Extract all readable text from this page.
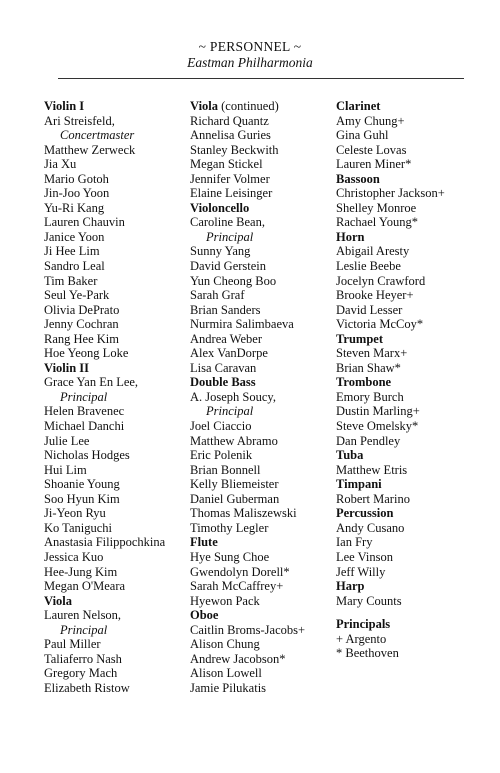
~ PERSONNEL ~
Eastman Philharmonia
Violin I
Ari Streisfeld,
Concertmaster
Matthew Zerweck
Jia Xu
Mario Gotoh
Jin-Joo Yoon
Yu-Ri Kang
Lauren Chauvin
Janice Yoon
Ji Hee Lim
Sandro Leal
Tim Baker
Seul Ye-Park
Olivia DePrato
Jenny Cochran
Rang Hee Kim
Hoe Yeong Loke
Violin II
Grace Yan En Lee,
Principal
Helen Bravenec
Michael Danchi
Julie Lee
Nicholas Hodges
Hui Lim
Shoanie Young
Soo Hyun Kim
Ji-Yeon Ryu
Ko Taniguchi
Anastasia Filippochkina
Jessica Kuo
Hee-Jung Kim
Megan O'Meara
Viola
Lauren Nelson,
Principal
Paul Miller
Taliaferro Nash
Gregory Mach
Elizabeth Ristow
Viola (continued)
Richard Quantz
Annelisa Guries
Stanley Beckwith
Megan Stickel
Jennifer Volmer
Elaine Leisinger
Violoncello
Caroline Bean,
Principal
Sunny Yang
David Gerstein
Yun Cheong Boo
Sarah Graf
Brian Sanders
Nurmira Salimbaeva
Andrea Weber
Alex VanDorpe
Lisa Caravan
Double Bass
A. Joseph Soucy,
Principal
Joel Ciaccio
Matthew Abramo
Eric Polenik
Brian Bonnell
Kelly Bliemeister
Daniel Guberman
Thomas Maliszewski
Timothy Legler
Flute
Hye Sung Choe
Gwendolyn Dorell*
Sarah McCaffrey+
Hyewon Pack
Oboe
Caitlin Broms-Jacobs+
Alison Chung
Andrew Jacobson*
Alison Lowell
Jamie Pilukatis
Clarinet
Amy Chung+
Gina Guhl
Celeste Lovas
Lauren Miner*
Bassoon
Christopher Jackson+
Shelley Monroe
Rachael Young*
Horn
Abigail Aresty
Leslie Beebe
Jocelyn Crawford
Brooke Heyer+
David Lesser
Victoria McCoy*
Trumpet
Steven Marx+
Brian Shaw*
Trombone
Emory Burch
Dustin Marling+
Steve Omelsky*
Dan Pendley
Tuba
Matthew Etris
Timpani
Robert Marino
Percussion
Andy Cusano
Ian Fry
Lee Vinson
Jeff Willy
Harp
Mary Counts
Principals
+ Argento
* Beethoven
